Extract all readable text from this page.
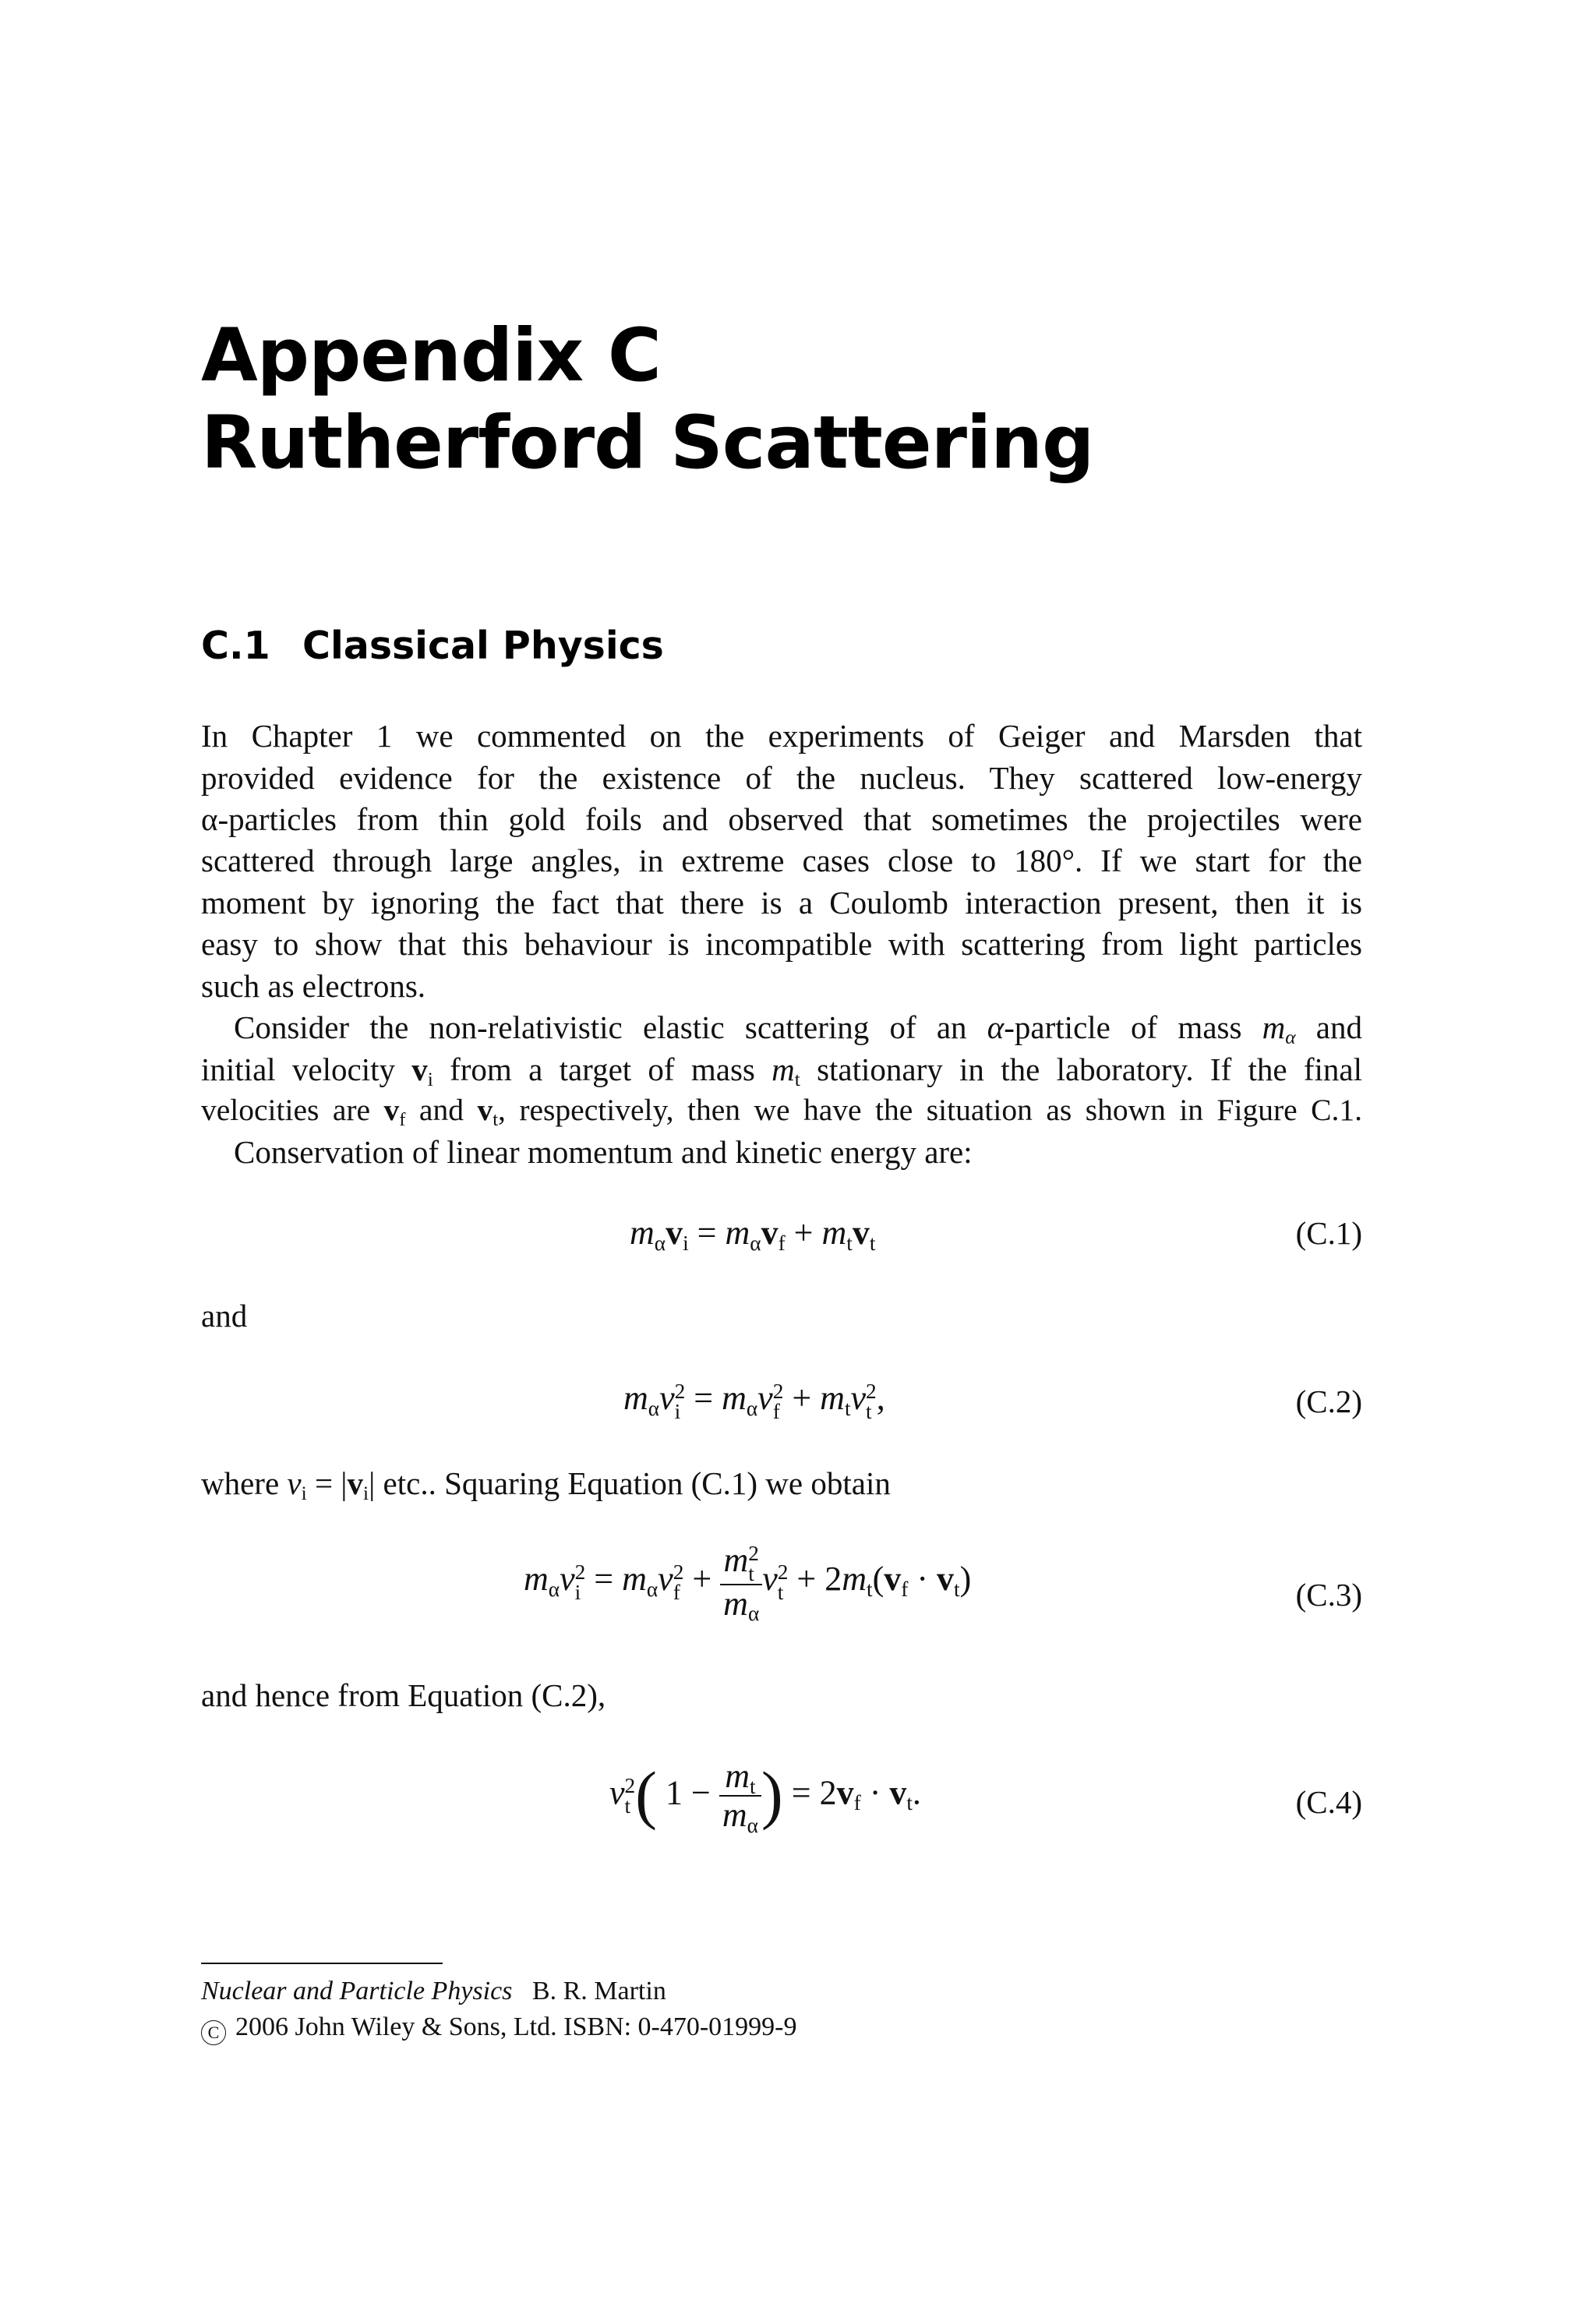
Appendix C
Rutherford Scattering
C.1 Classical Physics
In Chapter 1 we commented on the experiments of Geiger and Marsden that
provided evidence for the existence of the nucleus. They scattered low-energy
α-particles from thin gold foils and observed that sometimes the projectiles were
scattered through large angles, in extreme cases close to 180°. If we start for the
moment by ignoring the fact that there is a Coulomb interaction present, then it is
easy to show that this behaviour is incompatible with scattering from light particles
such as electrons.
Consider the non-relativistic elastic scattering of an α-particle of mass mα and
initial velocity vi from a target of mass mt stationary in the laboratory. If the final
velocities are vf and vt, respectively, then we have the situation as shown in Figure C.1.
Conservation of linear momentum and kinetic energy are:
mαvi = mαvf + mtvt	(C.1)
and
mαv 2
i = mαv 2
f + mtv 2
t ,	(C.2)
where vi = |vi| etc.. Squaring Equation (C.1) we obtain
mαv 2
i = mαv 2
f + m 2
t
mα v 2
t + 2mt(vf · vt)	(C.3)
and hence from Equation (C.2),
v 2
t ( $1 - \frac{mt}{m\alpha}$ ) = 2vf · vt.	(C.4)
Nuclear and Particle Physics B. R. Martin
C 2006 John Wiley & Sons, Ltd. ISBN: 0-470-01999-9
